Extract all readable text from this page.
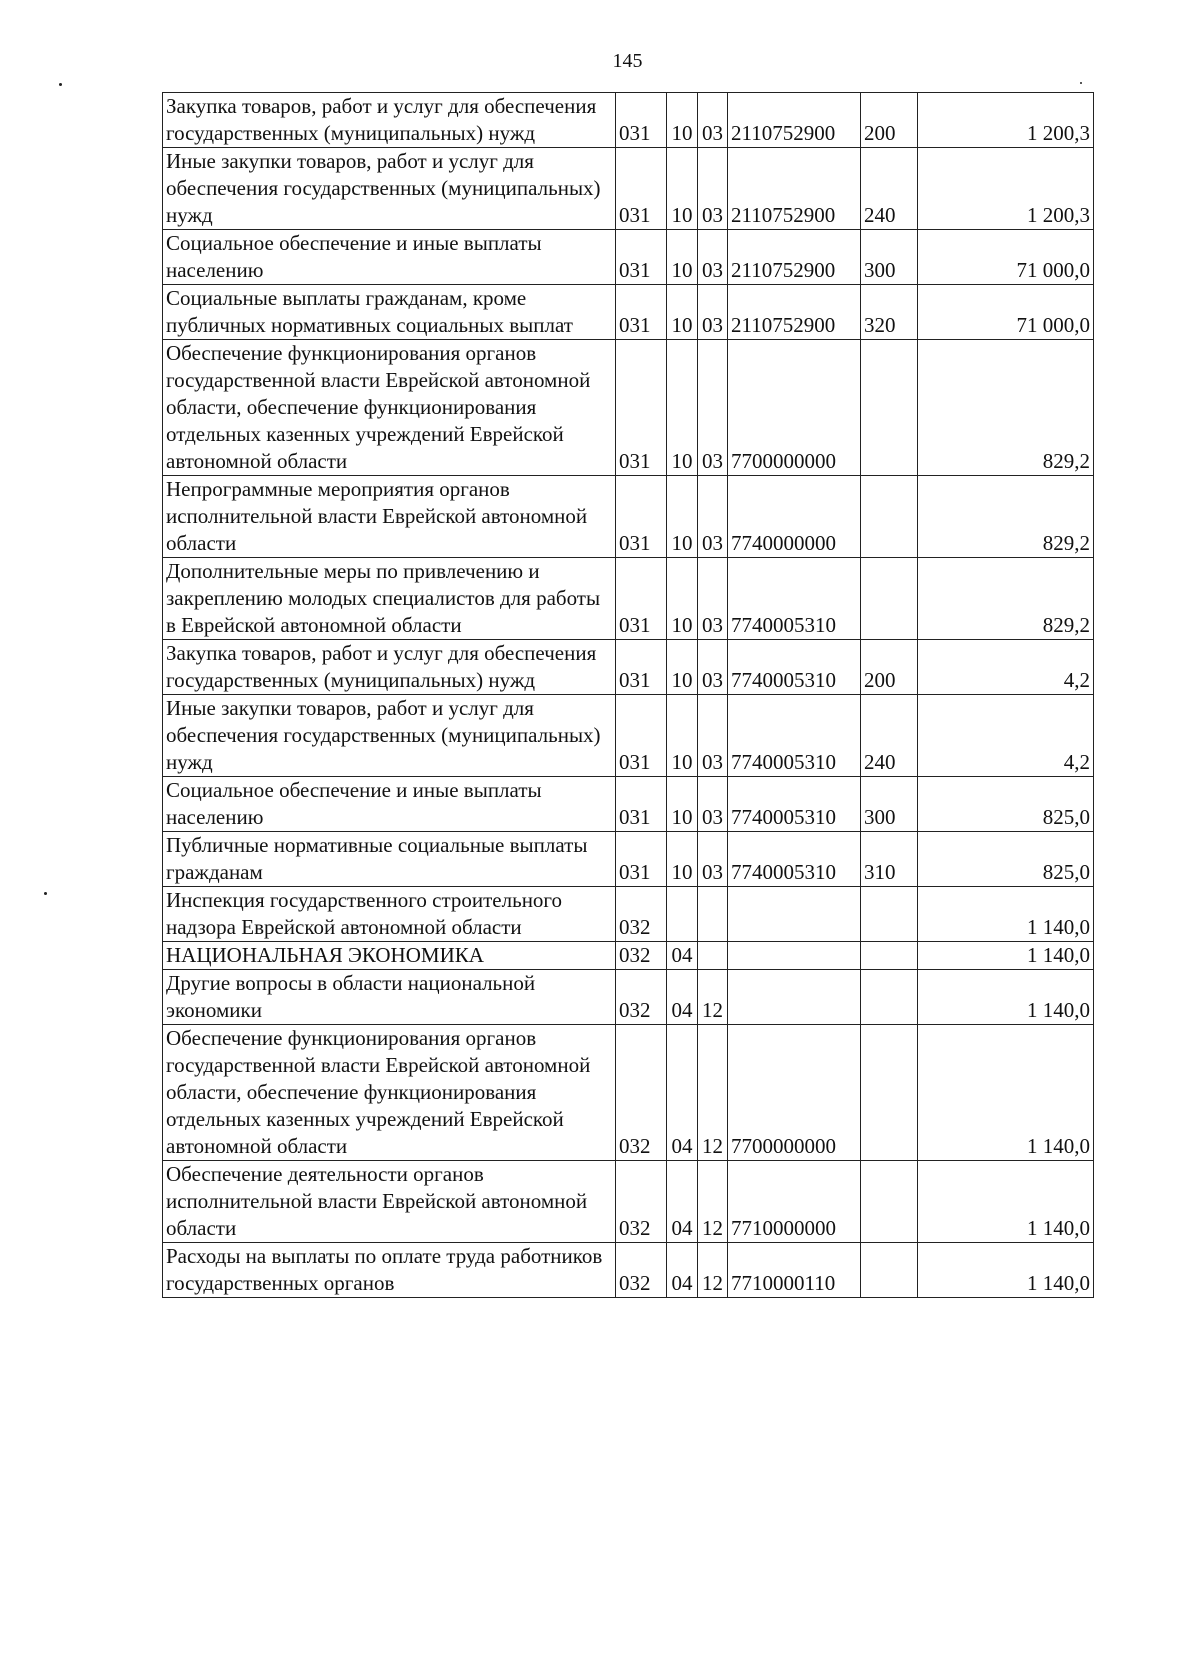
145
Закупка товаров, работ и услуг для обеспечения государственных (муниципальных) нужд	031	10	03	2110752900	200	1 200,3
Иные закупки товаров, работ и услуг для обеспечения государственных (муниципальных) нужд	031	10	03	2110752900	240	1 200,3
Социальное обеспечение и иные выплаты населению	031	10	03	2110752900	300	71 000,0
Социальные выплаты гражданам, кроме публичных нормативных социальных выплат	031	10	03	2110752900	320	71 000,0
Обеспечение функционирования органов государственной власти Еврейской автономной области, обеспечение функционирования отдельных казенных учреждений Еврейской автономной области	031	10	03	7700000000		829,2
Непрограммные мероприятия органов исполнительной власти Еврейской автономной области	031	10	03	7740000000		829,2
Дополнительные меры по привлечению и закреплению молодых специалистов для работы в Еврейской автономной области	031	10	03	7740005310		829,2
Закупка товаров, работ и услуг для обеспечения государственных (муниципальных) нужд	031	10	03	7740005310	200	4,2
Иные закупки товаров, работ и услуг для обеспечения государственных (муниципальных) нужд	031	10	03	7740005310	240	4,2
Социальное обеспечение и иные выплаты населению	031	10	03	7740005310	300	825,0
Публичные нормативные социальные выплаты гражданам	031	10	03	7740005310	310	825,0
Инспекция государственного строительного надзора Еврейской автономной области	032					1 140,0
НАЦИОНАЛЬНАЯ ЭКОНОМИКА	032	04				1 140,0
Другие вопросы в области национальной экономики	032	04	12			1 140,0
Обеспечение функционирования органов государственной власти Еврейской автономной области, обеспечение функционирования отдельных казенных учреждений Еврейской автономной области	032	04	12	7700000000		1 140,0
Обеспечение деятельности органов исполнительной власти Еврейской автономной области	032	04	12	7710000000		1 140,0
Расходы на выплаты по оплате труда работников государственных органов	032	04	12	7710000110		1 140,0
